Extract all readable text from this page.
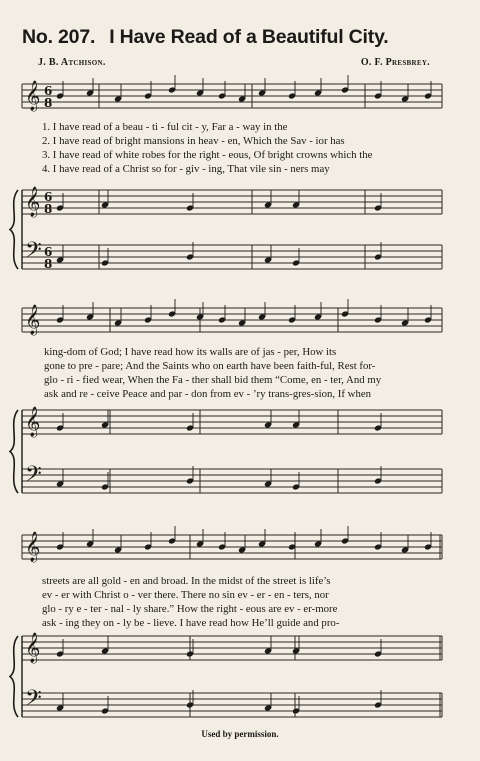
No. 207. I Have Read of a Beautiful City.
J. B. Atchison.	O. F. Presbrey.
𝄞 6
8
𝄞 6
8
𝄢 6
8
𝄞
𝄞
𝄢
𝄞
𝄞
𝄢
1. I have read of a beau - ti - ful cit - y, Far a - way in the
2. I have read of bright mansions in heav - en, Which the Sav - ior has
3. I have read of white robes for the right - eous, Of bright crowns which the
4. I have read of a Christ so for - giv - ing, That vile sin - ners may
king-dom of God; I have read how its walls are of jas - per, How its
gone to pre - pare; And the Saints who on earth have been faith-ful, Rest for-
glo - ri - fied wear, When the Fa - ther shall bid them “Come, en - ter, And my
ask and re - ceive Peace and par - don from ev - ’ry trans-gres-sion, If when
streets are all gold - en and broad. In the midst of the street is life’s
ev - er with Christ o - ver there. There no sin ev - er - en - ters, nor
glo - ry e - ter - nal - ly share.” How the right - eous are ev - er-more
ask - ing they on - ly be - lieve. I have read how He’ll guide and pro-
Used by permission.
